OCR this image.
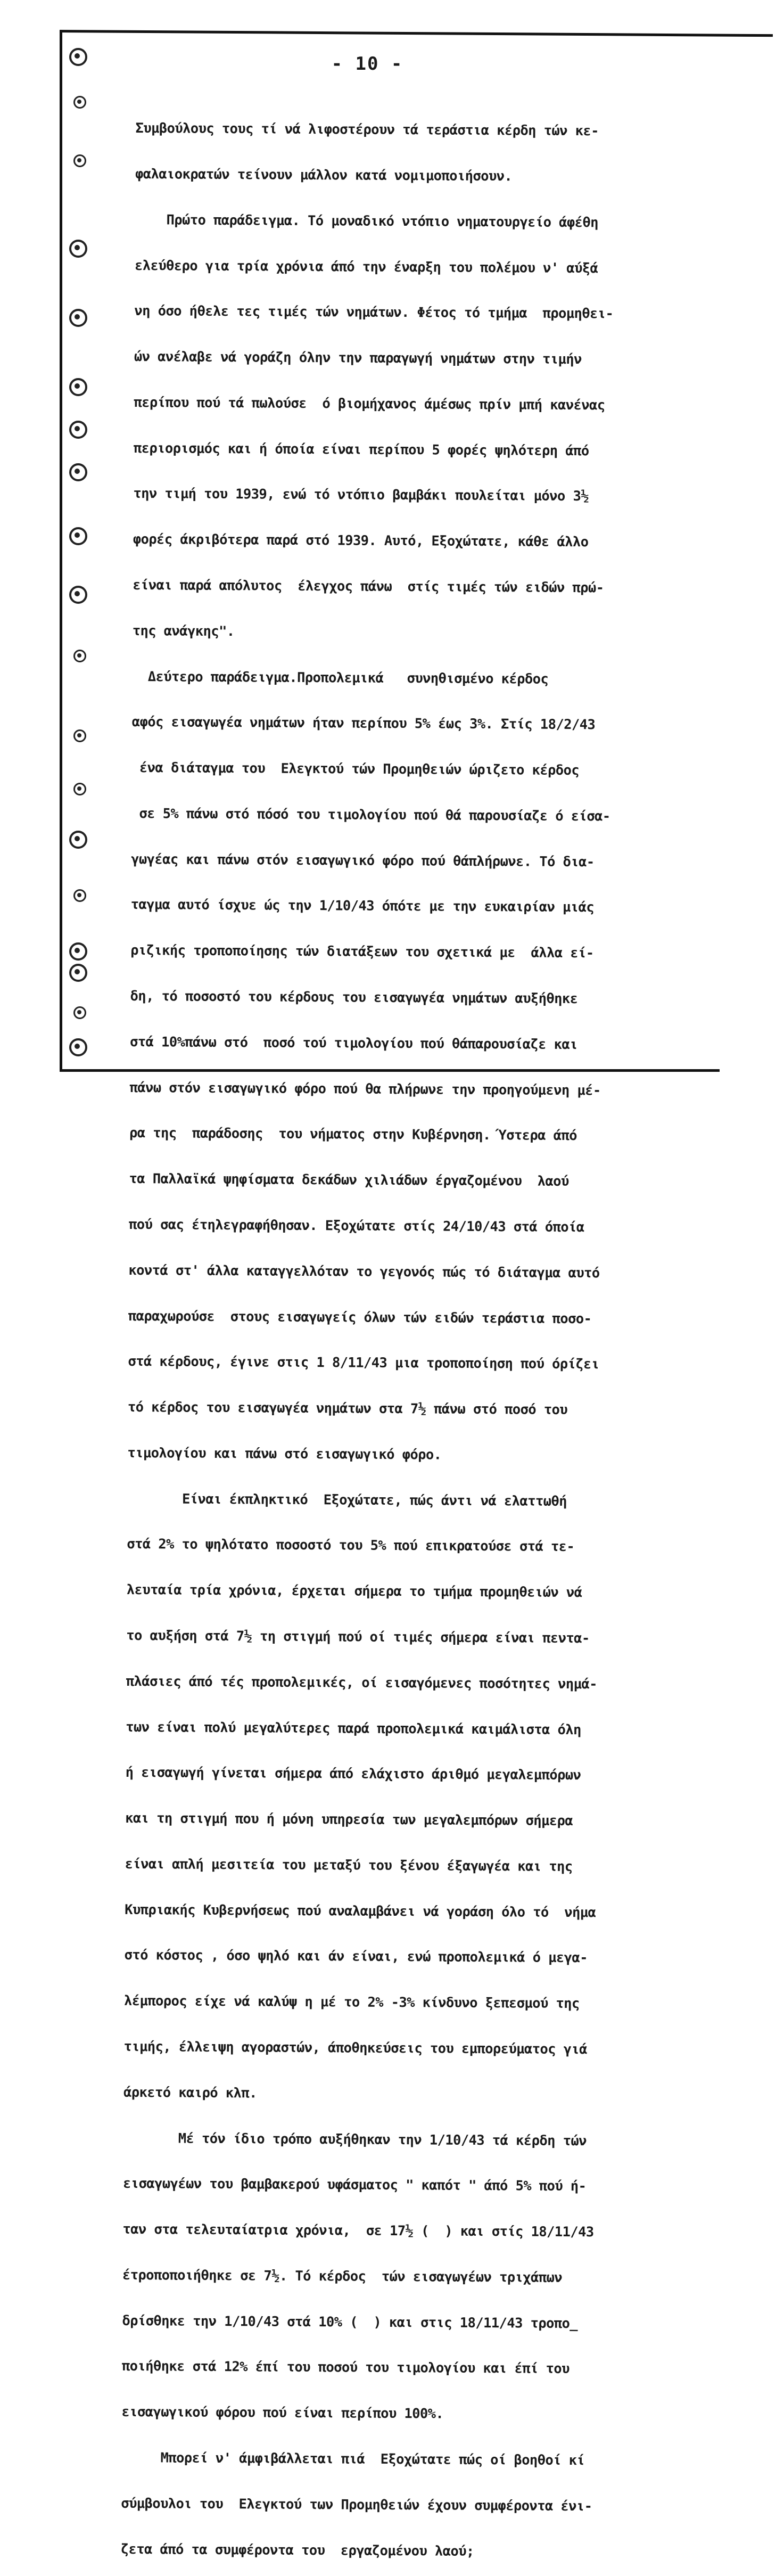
- 10 -

Συμβούλους τους τί νά λιφοστέρουν τά τεράστια κέρδη τών κε-

φαλαιοκρατών τείνουν μάλλον κατά νομιμοποιήσουν.

Πρώτο παράδειγμα. Τό μοναδικό ντόπιο νηματουργείο άφέθη

ελεύθερο για τρία χρόνια άπό την έναρξη του πολέμου ν' αύξά

νη όσο ήθελε τες τιμές τών νημάτων. Φέτος τό τμήμα  προμηθει-

ών ανέλαβε νά γοράζη όλην την παραγωγή νημάτων στην τιμήν

περίπου πού τά πωλούσε  ό βιομήχανος άμέσως πρίν μπή κανένας

περιορισμός και ή όποία είναι περίπου 5 φορές ψηλότερη άπό

την τιμή του 1939, ενώ τό ντόπιο βαμβάκι πουλείται μόνο 3½

φορές άκριβότερα παρά στό 1939. Αυτό, Εξοχώτατε, κάθε άλλο

είναι παρά απόλυτος  έλεγχος πάνω  στίς τιμές τών ειδών πρώ-

της ανάγκης".

Δεύτερο παράδειγμα.Προπολεμικά   συνηθισμένο κέρδος

αφός εισαγωγέα νημάτων ήταν περίπου 5% έως 3%. Στίς 18/2/43

ένα διάταγμα του  Ελεγκτού τών Προμηθειών ώριζετο κέρδος

σε 5% πάνω στό πόσό του τιμολογίου πού θά παρουσίαζε ό είσα-

γωγέας και πάνω στόν εισαγωγικό φόρο πού θάπλήρωνε. Τό δια-

ταγμα αυτό ίσχυε ώς την 1/10/43 όπότε με την ευκαιρίαν μιάς

ριζικής τροποποίησης τών διατάξεων του σχετικά με  άλλα εί-

δη, τό ποσοστό του κέρδους του εισαγωγέα νημάτων αυξήθηκε

στά 10%πάνω στό  ποσό τού τιμολογίου πού θάπαρουσίαζε και

πάνω στόν εισαγωγικό φόρο πού θα πλήρωνε την προηγούμενη μέ-

ρα της  παράδοσης  του νήματος στην Κυβέρνηση. Ύστερα άπό

τα Παλλαϊκά ψηφίσματα δεκάδων χιλιάδων έργαζομένου  λαού

πού σας έτηλεγραφήθησαν. Εξοχώτατε στίς 24/10/43 στά όποία

κοντά στ' άλλα καταγγελλόταν το γεγονός πώς τό διάταγμα αυτό

παραχωρούσε  στους εισαγωγείς όλων τών ειδών τεράστια ποσο-

στά κέρδους, έγινε στις 1 8/11/43 μια τροποποίηση πού όρίζει

τό κέρδος του εισαγωγέα νημάτων στα 7½ πάνω στό ποσό του

τιμολογίου και πάνω στό εισαγωγικό φόρο.

Είναι έκπληκτικό  Εξοχώτατε, πώς άντι νά ελαττωθή

στά 2% το ψηλότατο ποσοστό του 5% πού επικρατούσε στά τε-

λευταία τρία χρόνια, έρχεται σήμερα το τμήμα προμηθειών νά

το αυξήση στά 7½ τη στιγμή πού οί τιμές σήμερα είναι πεντα-

πλάσιες άπό τές προπολεμικές, οί εισαγόμενες ποσότητες νημά-

των είναι πολύ μεγαλύτερες παρά προπολεμικά καιμάλιστα όλη

ή εισαγωγή γίνεται σήμερα άπό ελάχιστο άριθμό μεγαλεμπόρων

και τη στιγμή που ή μόνη υπηρεσία των μεγαλεμπόρων σήμερα

είναι απλή μεσιτεία του μεταξύ του ξένου έξαγωγέα και της

Κυπριακής Κυβερνήσεως πού αναλαμβάνει νά γοράση όλο τό  νήμα

στό κόστος , όσο ψηλό και άν είναι, ενώ προπολεμικά ό μεγα-

λέμπορος είχε νά καλύψ η μέ το 2% -3% κίνδυνο ξεπεσμού της

τιμής, έλλειψη αγοραστών, άποθηκεύσεις του εμπορεύματος γιά

άρκετό καιρό κλπ.

Μέ τόν ίδιο τρόπο αυξήθηκαν την 1/10/43 τά κέρδη τών

εισαγωγέων του βαμβακερού υφάσματος " καπότ " άπό 5% πού ή-

ταν στα τελευταίατρια χρόνια,  σε 17½ (  ) και στίς 18/11/43

έτροποποιήθηκε σε 7½. Τό κέρδος  τών εισαγωγέων τριχάπων

δρίσθηκε την 1/10/43 στά 10% (  ) και στις 18/11/43 τροπο_

ποιήθηκε στά 12% έπί του ποσού του τιμολογίου και έπί του

εισαγωγικού φόρου πού είναι περίπου 100%.

Μπορεί ν' άμφιβάλλεται πιά  Εξοχώτατε πώς οί βοηθοί κί

σύμβουλοι του  Ελεγκτού των Προμηθειών έχουν συμφέροντα ένι-

ζετα άπό τα συμφέροντα του  εργαζομένου λαού;
